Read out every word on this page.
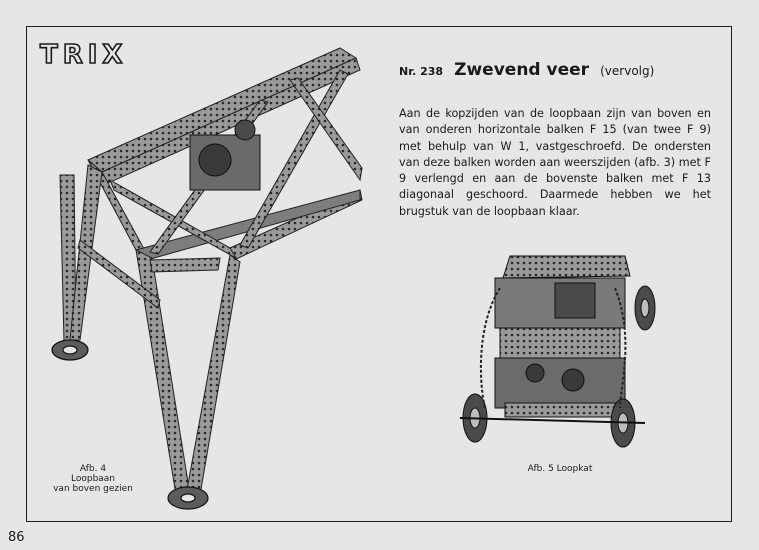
TRIX
Nr. 238 Zwevend veer (vervolg)

Aan de kopzijden van de loopbaan zijn van boven en van onderen horizontale balken F 15 (van twee F 9) met behulp van W 1, vastgeschroefd. De ondersten van deze balken worden aan weerszijden (afb. 3) met F 9 verlengd en aan de bovenste balken met F 13 diagonaal geschoord. Daarmede hebben we het brugstuk van de loopbaan klaar.

Afb. 4
Loopbaan
van boven gezien
Afb. 5 Loopkat
86
